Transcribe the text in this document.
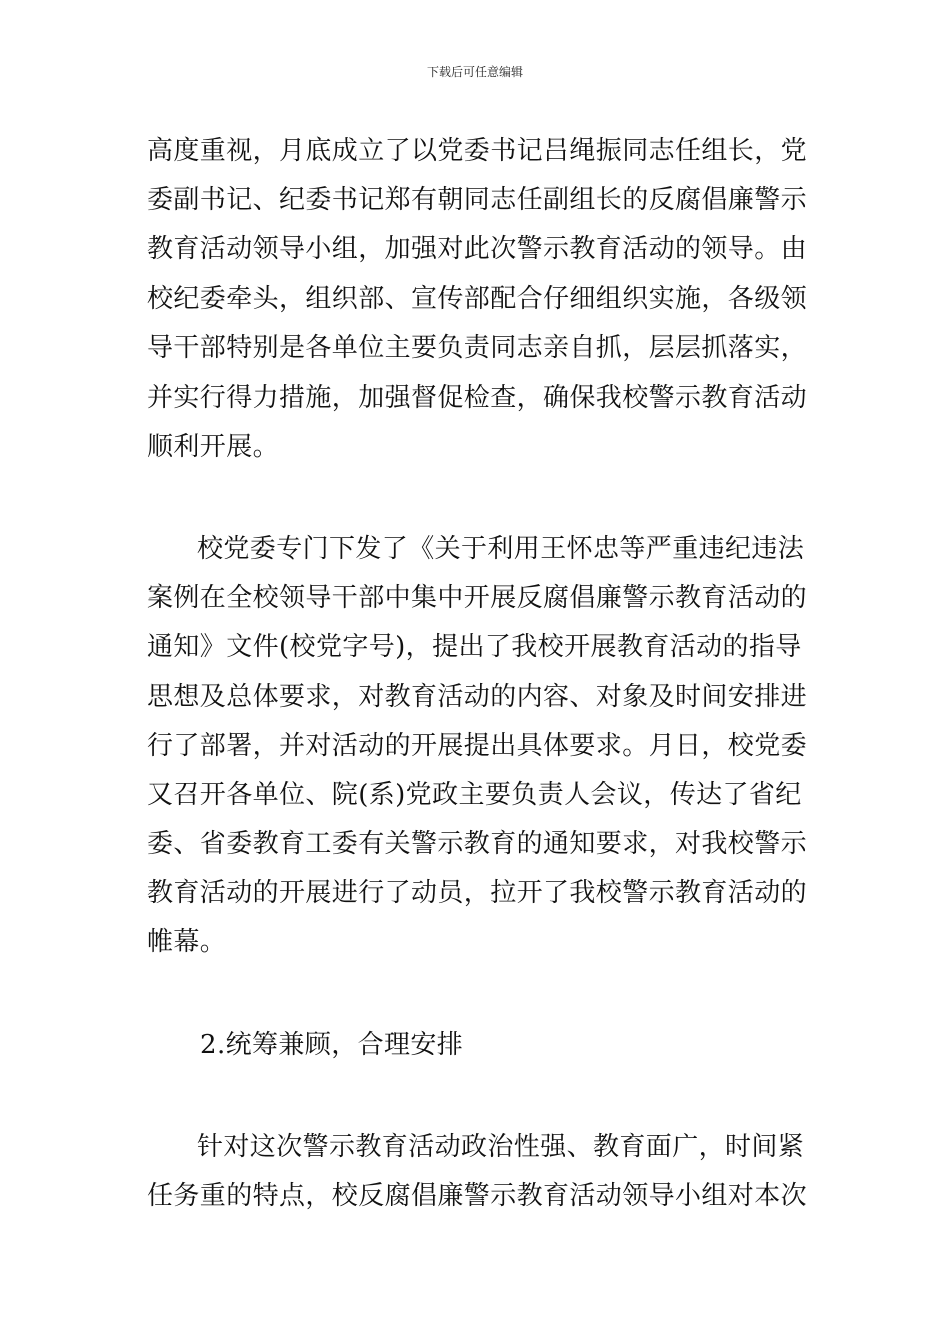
下载后可任意编辑
高度重视，月底成立了以党委书记吕绳振同志任组长，党
委副书记、纪委书记郑有朝同志任副组长的反腐倡廉警示
教育活动领导小组，加强对此次警示教育活动的领导。由
校纪委牵头，组织部、宣传部配合仔细组织实施，各级领
导干部特别是各单位主要负责同志亲自抓，层层抓落实，
并实行得力措施，加强督促检查，确保我校警示教育活动
顺利开展。
校党委专门下发了《关于利用王怀忠等严重违纪违法
案例在全校领导干部中集中开展反腐倡廉警示教育活动的
通知》文件(校党字号)，提出了我校开展教育活动的指导
思想及总体要求，对教育活动的内容、对象及时间安排进
行了部署，并对活动的开展提出具体要求。月日，校党委
又召开各单位、院(系)党政主要负责人会议，传达了省纪
委、省委教育工委有关警示教育的通知要求，对我校警示
教育活动的开展进行了动员，拉开了我校警示教育活动的
帷幕。
2.统筹兼顾，合理安排
针对这次警示教育活动政治性强、教育面广，时间紧
任务重的特点，校反腐倡廉警示教育活动领导小组对本次
